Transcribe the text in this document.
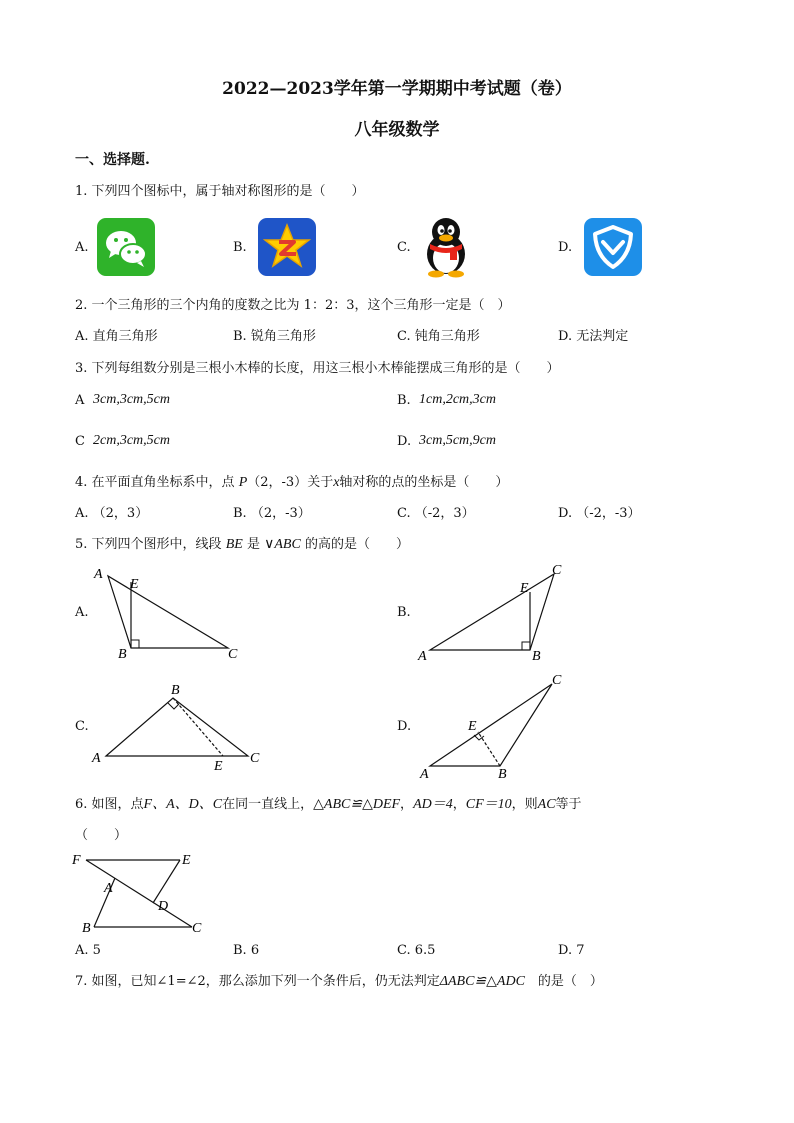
2022—2023学年第一学期期中考试题（卷）
八年级数学
一、选择题.
1. 下列四个图标中，属于轴对称图形的是（　　）
A.	B.	C.	D.
2. 一个三角形的三个内角的度数之比为 1：2：3，这个三角形一定是（　）
A. 直角三角形	B. 锐角三角形	C. 钝角三角形	D. 无法判定
3. 下列每组数分别是三根小木棒的长度，用这三根小木棒能摆成三角形的是（　　）
A 3cm,3cm,5cm	B. 1cm,2cm,3cm
C 2cm,3cm,5cm	D. 3cm,5cm,9cm
4. 在平面直角坐标系中，点 P（2，-3）关于x轴对称的点的坐标是（　　）
A. （2，3）	B. （2，-3）	C. （-2，3）	D. （-2，-3）
5. 下列四个图形中，线段 BE 是 ∨ABC 的高的是（　　）
A.	B.
C.	D.
A
E
B	C	A
E
B
C
A
B
C
E
A
E
B
C
6. 如图，点F、A、D、C在同一直线上，△ABC≌△DEF，AD＝4，CF＝10，则AC等于
（　　）
F	E
A
D
B	C
A. 5	B. 6	C. 6.5	D. 7
7. 如图，已知∠1=∠2，那么添加下列一个条件后，仍无法判定ΔABC≌△ADC　的是（　）
